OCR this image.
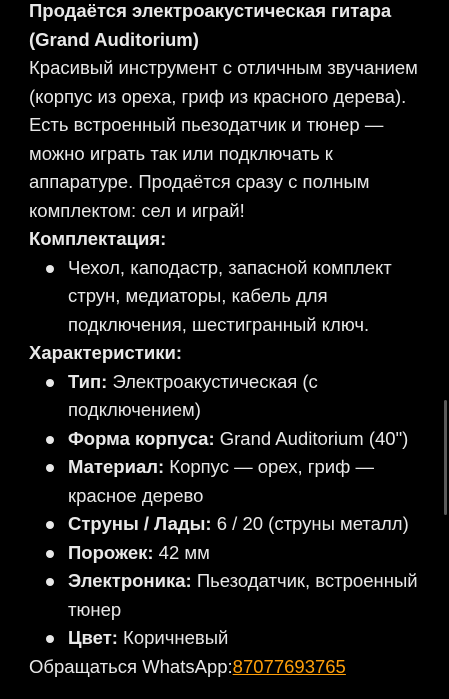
Продаётся электроакустическая гитара (Grand Auditorium)
Красивый инструмент с отличным звучанием (корпус из ореха, гриф из красного дерева). Есть встроенный пьезодатчик и тюнер — можно играть так или подключать к аппаратуре. Продаётся сразу с полным комплектом: сел и играй!
Комплектация:
Чехол, каподастр, запасной комплект струн, медиаторы, кабель для подключения, шестигранный ключ.
Характеристики:
Тип: Электроакустическая (с подключением)
Форма корпуса: Grand Auditorium (40")
Материал: Корпус — орех, гриф — красное дерево
Струны / Лады: 6 / 20 (струны металл)
Порожек: 42 мм
Электроника: Пьезодатчик, встроенный тюнер
Цвет: Коричневый
Обращаться WhatsApp:87077693765
